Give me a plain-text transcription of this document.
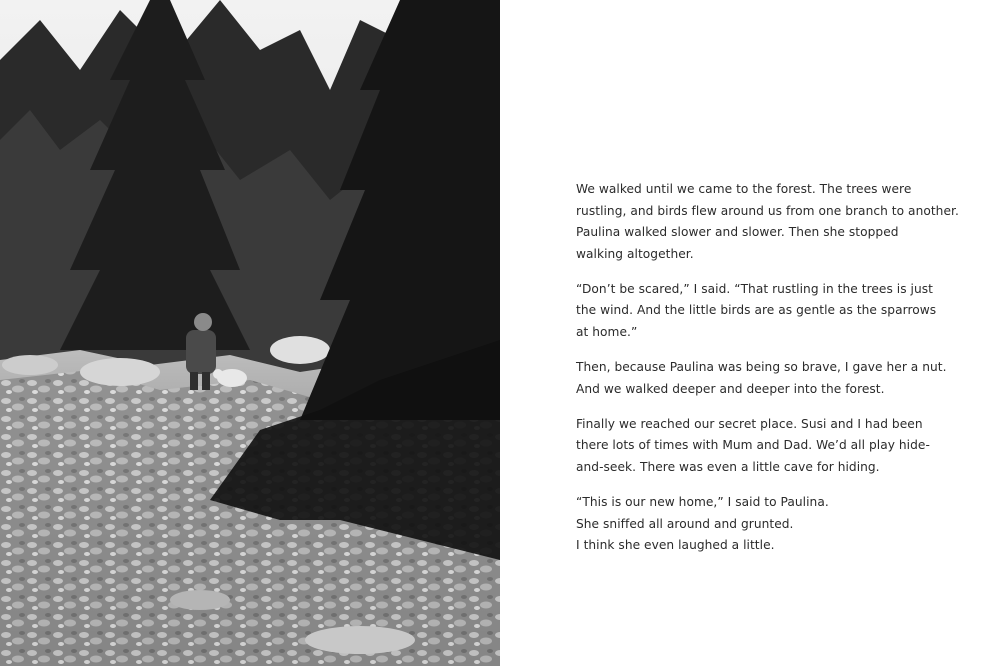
We walked until we came to the forest. The trees were
rustling, and birds flew around us from one branch to another.
Paulina walked slower and slower. Then she stopped
walking altogether.

“Don’t be scared,” I said. “That rustling in the trees is just
the wind. And the little birds are as gentle as the sparrows
at home.”

Then, because Paulina was being so brave, I gave her a nut.
And we walked deeper and deeper into the forest.

Finally we reached our secret place. Susi and I had been
there lots of times with Mum and Dad. We’d all play hide-
and-seek. There was even a little cave for hiding.

“This is our new home,” I said to Paulina.
She sniffed all around and grunted.
I think she even laughed a little.
